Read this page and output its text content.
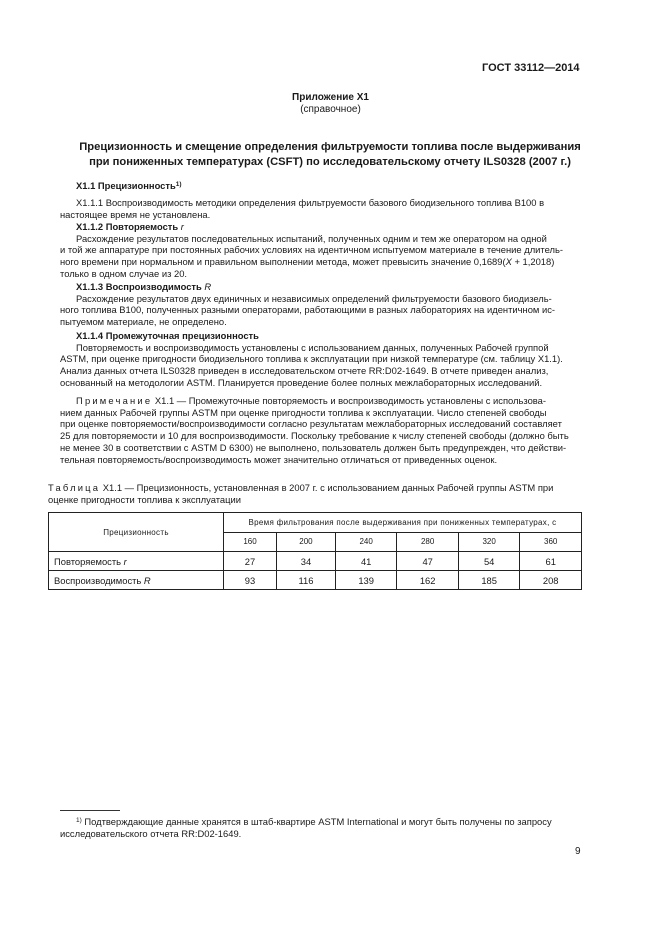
ГОСТ 33112—2014
Приложение Х1
(справочное)
Прецизионность и смещение определения фильтруемости топлива после выдерживания
при пониженных температурах (CSFT) по исследовательскому отчету ILS0328 (2007 г.)
Х1.1 Прецизионность$^{1)}$
Х1.1.1 Воспроизводимость методики определения фильтруемости базового биодизельного топлива В100 в
настоящее время не установлена.
Х1.1.2 Повторяемость r
Расхождение результатов последовательных испытаний, полученных одним и тем же оператором на одной
и той же аппаратуре при постоянных рабочих условиях на идентичном испытуемом материале в течение длитель-
ного времени при нормальном и правильном выполнении метода, может превысить значение 0,1689(X + 1,2018)
только в одном случае из 20.
Х1.1.3 Воспроизводимость R
Расхождение результатов двух единичных и независимых определений фильтруемости базового биодизель-
ного топлива В100, полученных разными операторами, работающими в разных лабораториях на идентичном ис-
пытуемом материале, не определено.
Х1.1.4 Промежуточная прецизионность
Повторяемость и воспроизводимость установлены с использованием данных, полученных Рабочей группой
ASTM, при оценке пригодности биодизельного топлива к эксплуатации при низкой температуре (см. таблицу Х1.1).
Анализ данных отчета ILS0328 приведен в исследовательском отчете RR:D02-1649. В отчете приведен анализ,
основанный на методологии ASTM. Планируется проведение более полных межлабораторных исследований.
Примечание Х1.1 — Промежуточные повторяемость и воспроизводимость установлены с использова-
нием данных Рабочей группы ASTM при оценке пригодности топлива к эксплуатации. Число степеней свободы
при оценке повторяемости/воспроизводимости согласно результатам межлабораторных исследований составляет
25 для повторяемости и 10 для воспроизводимости. Поскольку требование к числу степеней свободы (должно быть
не менее 30 в соответствии с ASTM D 6300) не выполнено, пользователь должен быть предупрежден, что действи-
тельная повторяемость/воспроизводимость может значительно отличаться от приведенных оценок.
Таблица Х1.1 — Прецизионность, установленная в 2007 г. с использованием данных Рабочей группы ASTM при
оценке пригодности топлива к эксплуатации
Прецизионность	Время фильтрования после выдерживания при пониженных температурах, с					
	160	200	240	280	320	360
Повторяемость r	27	34	41	47	54	61
Воспроизводимость R	93	116	139	162	185	208
$^{1)}$ Подтверждающие данные хранятся в штаб-квартире ASTM International и могут быть получены по запросу
исследовательского отчета RR:D02-1649.
9
